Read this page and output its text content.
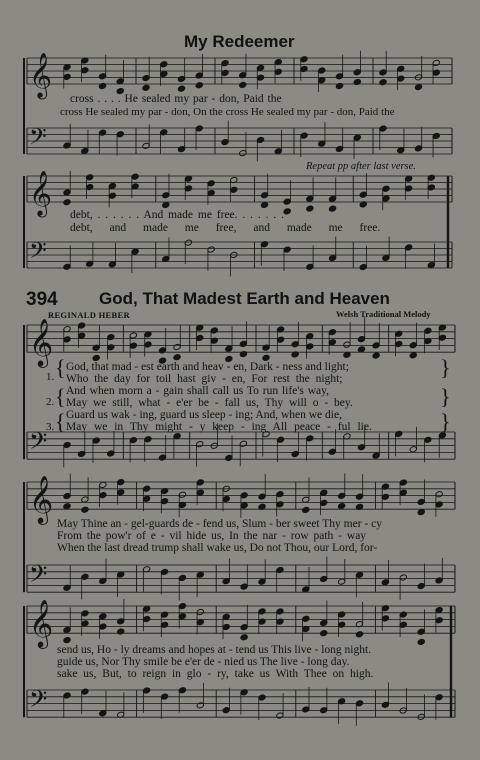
𝄞
𝄢
𝄞
𝄢
𝄞
𝄢
𝄞
𝄢
𝄞
𝄢
My Redeemer
cross . . . . He sealed my par - don, Paid the
cross He sealed my par - don, On the cross He sealed my par - don, Paid the
Repeat pp after last verse.
debt, . . . . . . And made me free. . . . . . .
debt, and made me free, and made me free.
394 God, That Madest Earth and Heaven
REGINALD HEBER	Welsh Traditional Melody
{
{
{
}
}
}
1.
2.
3.
God, that mad - est earth and heav - en, Dark - ness and light;
Who the day for toil hast giv - en, For rest the night;
And when morn a - gain shall call us To run life's way,
May we still, what - e'er be - fall us, Thy will o - bey.
Guard us wak - ing, guard us sleep - ing; And, when we die,
May we in Thy might - y keep - ing All peace - ful lie.
May Thine an - gel-guards de - fend us, Slum - ber sweet Thy mer - cy
From the pow'r of e - vil hide us, In the nar - row path - way
When the last dread trump shall wake us, Do not Thou, our Lord, for-
send us, Ho - ly dreams and hopes at - tend us This live - long night.
guide us, Nor Thy smile be e'er de - nied us The live - long day.
sake us, But, to reign in glo - ry, take us With Thee on high.
